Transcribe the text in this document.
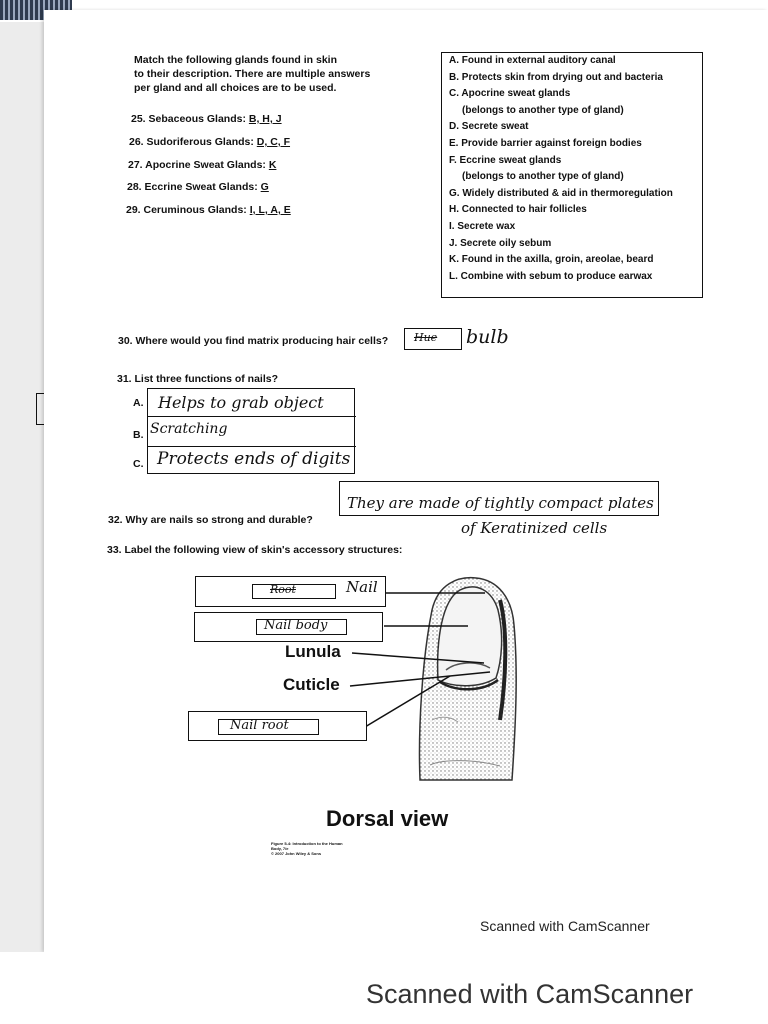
Match the following glands found in skin
to their description. There are multiple answers
per gland and all choices are to be used.
25. Sebaceous Glands: B, H, J
26. Sudoriferous Glands: D, C, F
27. Apocrine Sweat Glands: K
28. Eccrine Sweat Glands: G
29. Ceruminous Glands: I, L, A, E
A. Found in external auditory canal
B. Protects skin from drying out and bacteria
C. Apocrine sweat glands
(belongs to another type of gland)
D. Secrete sweat
E. Provide barrier against foreign bodies
F. Eccrine sweat glands
(belongs to another type of gland)
G. Widely distributed & aid in thermoregulation
H. Connected to hair follicles
I. Secrete wax
J. Secrete oily sebum
K. Found in the axilla, groin, areolae, beard
L. Combine with sebum to produce earwax
30. Where would you find matrix producing hair cells? Hue bulb
31. List three functions of nails?
A.
B.
C.
Helps to grab object
Scratching
Protects ends of digits
32. Why are nails so strong and durable?
They are made of tightly compact plates
of Keratinized cells
33. Label the following view of skin's accessory structures:
Root	Nail
Nail body
Lunula
Cuticle
Nail root
Dorsal view
Figure 5-4: Introduction to the Human Body, 7/e
© 2007 John Wiley & Sons
Scanned with CamScanner
Scanned with CamScanner
